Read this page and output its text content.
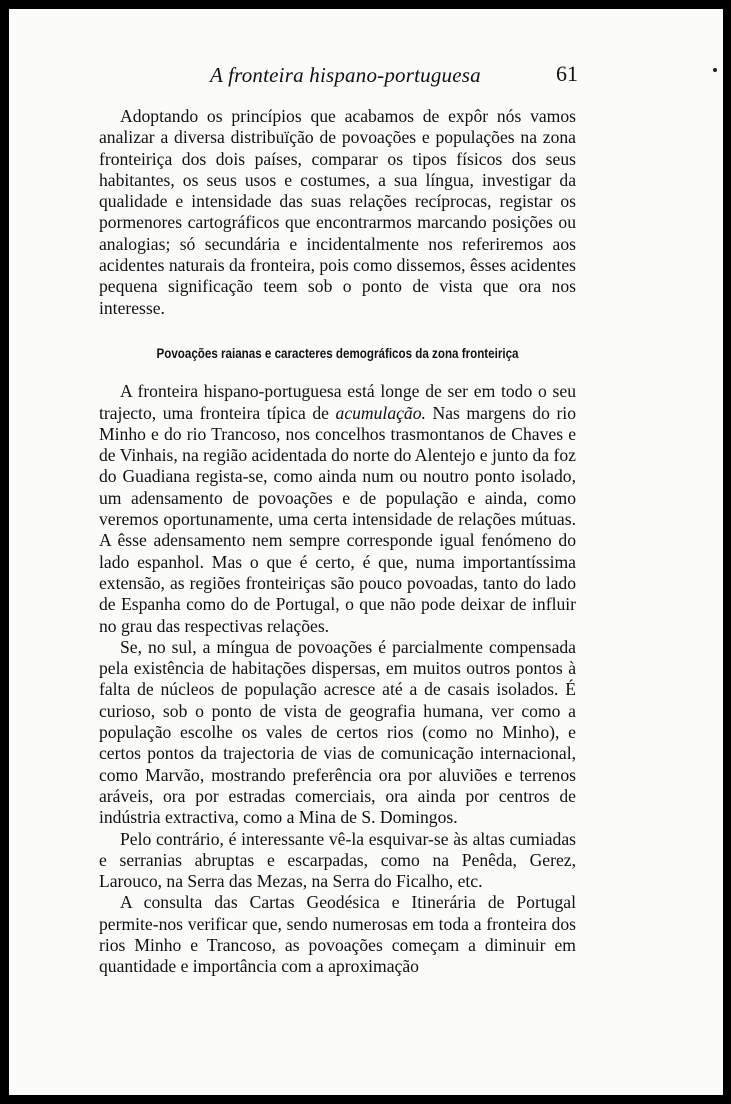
A fronteira hispano-portuguesa	61

Adoptando os princípios que acabamos de expôr nós vamos analizar a diversa distribuïção de povoações e populações na zona fronteiriça dos dois países, comparar os tipos físicos dos seus habitantes, os seus usos e costumes, a sua língua, investigar da qualidade e intensidade das suas relações recíprocas, registar os pormenores cartográficos que encontrarmos marcando posições ou analogias; só secundária e incidentalmente nos referiremos aos acidentes naturais da fronteira, pois como dissemos, êsses acidentes pequena significação teem sob o ponto de vista que ora nos interesse.

Povoações raianas e caracteres demográficos da zona fronteiriça

A fronteira hispano-portuguesa está longe de ser em todo o seu trajecto, uma fronteira típica de acumulação. Nas margens do rio Minho e do rio Trancoso, nos concelhos trasmontanos de Chaves e de Vinhais, na região acidentada do norte do Alentejo e junto da foz do Guadiana regista-se, como ainda num ou noutro ponto isolado, um adensamento de povoações e de população e ainda, como veremos oportunamente, uma certa intensidade de relações mútuas. A êsse adensamento nem sempre corresponde igual fenómeno do lado espanhol. Mas o que é certo, é que, numa importantíssima extensão, as regiões fronteiriças são pouco povoadas, tanto do lado de Espanha como do de Portugal, o que não pode deixar de influir no grau das respectivas relações.

Se, no sul, a míngua de povoações é parcialmente compensada pela existência de habitações dispersas, em muitos outros pontos à falta de núcleos de população acresce até a de casais isolados. É curioso, sob o ponto de vista de geografia humana, ver como a população escolhe os vales de certos rios (como no Minho), e certos pontos da trajectoria de vias de comunicação internacional, como Marvão, mostrando preferência ora por aluviões e terrenos aráveis, ora por estradas comerciais, ora ainda por centros de indústria extractiva, como a Mina de S. Domingos.

Pelo contrário, é interessante vê-la esquivar-se às altas cumiadas e serranias abruptas e escarpadas, como na Penêda, Gerez, Larouco, na Serra das Mezas, na Serra do Ficalho, etc.

A consulta das Cartas Geodésica e Itinerária de Portugal permite-nos verificar que, sendo numerosas em toda a fronteira dos rios Minho e Trancoso, as povoações começam a diminuir em quantidade e importância com a aproximação
